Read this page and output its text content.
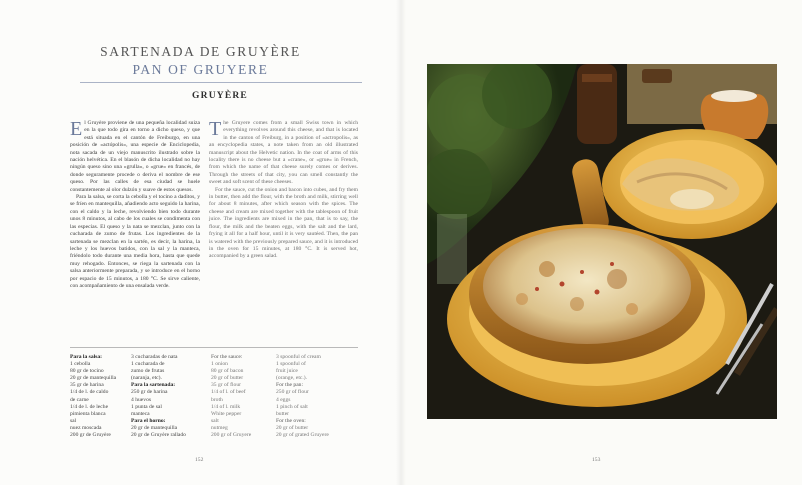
SARTENADA DE GRUYÈRE
PAN OF GRUYERE
GRUYÈRE

El Gruyère proviene de una pequeña localidad suiza en la que todo gira en torno a dicho queso, y que está situada en el cantón de Freiburgo, en una posición de «actópolis», una especie de Enciclopedia, nota sacada de un viejo manuscrito ilustrado sobre la nación helvética. En el blasón de dicha localidad no hay ningún queso sino una «grulla», o «grue» en francés, de donde seguramente procede o deriva el nombre de ese queso. Por las calles de esa ciudad se huele constantemente al olor dulzón y suave de estos quesos.

Para la salsa, se corta la cebolla y el tocino a daditos, y se fríen en mantequilla, añadiendo acto seguido la harina, con el caldo y la leche, revolviendo bien todo durante unos 8 minutos, al cabo de los cuales se condimenta con las especias. El queso y la nata se mezclan, junto con la cucharada de zumo de frutas. Los ingredientes de la sartenada se mezclan en la sartén, es decir, la harina, la leche y los huevos batidos, con la sal y la manteca, friéndolo todo durante una media hora, hasta que quede muy rehogado. Entonces, se riega la sartenada con la salsa anteriormente preparada, y se introduce en el horno por espacio de 15 minutos, a 180 °C. Se sirve caliente, con acompañamiento de una ensalada verde.

The Gruyere comes from a small Swiss town in which everything revolves around this cheese, and that is located in the canton of Freiburg, in a position of «actropolis», as an encyclopedia states, a note taken from an old illustrated manuscript about the Helvetic nation. In the coat of arms of this locality there is no cheese but a «crane», or «grue» in French, from which the name of that cheese surely comes or derives. Through the streets of that city, you can smell constantly the sweet and soft scent of these cheeses.

For the sauce, cut the onion and bacon into cubes, and fry them in butter, then add the flour, with the broth and milk, stirring well for about 8 minutes, after which season with the spices. The cheese and cream are mixed together with the tablespoon of fruit juice. The ingredients are mixed in the pan, that is to say, the flour, the milk and the beaten eggs, with the salt and the lard, frying it all for a half hour, until it is very sautéed. Then, the pan is watered with the previously prepared sauce, and it is introduced in the oven for 15 minutes, at 180 °C. It is served hot, accompanied by a green salad.

Para la salsa:
1 cebolla
80 gr de tocino
20 gr de mantequilla
35 gr de harina
1/4 de l. de caldo
de carne
1/4 de l. de leche
pimienta blanca
sal
nuez moscada
200 gr de Gruyère
3 cucharadas de nata
1 cucharada de
zumo de frutas
(naranja, etc).
Para la sartenada:
250 gr de harina
4 huevos
1 punta de sal
manteca
Para el horno:
20 gr de mantequilla
20 gr de Gruyère rallado
For the sauce:
1 onion
80 gr of bacon
20 gr of butter
35 gr of flour
1/4 of l. of beef
broth
1/4 of l. milk
White pepper
salt
nutmeg
200 gr of Gruyere
3 spoonful of cream
1 spoonful of
fruit juice
(orange, etc.).
For the pan:
250 gr of flour
4 eggs
1 pinch of salt
butter
For the oven:
20 gr of butter
20 gr of grated Gruyere
152	153
